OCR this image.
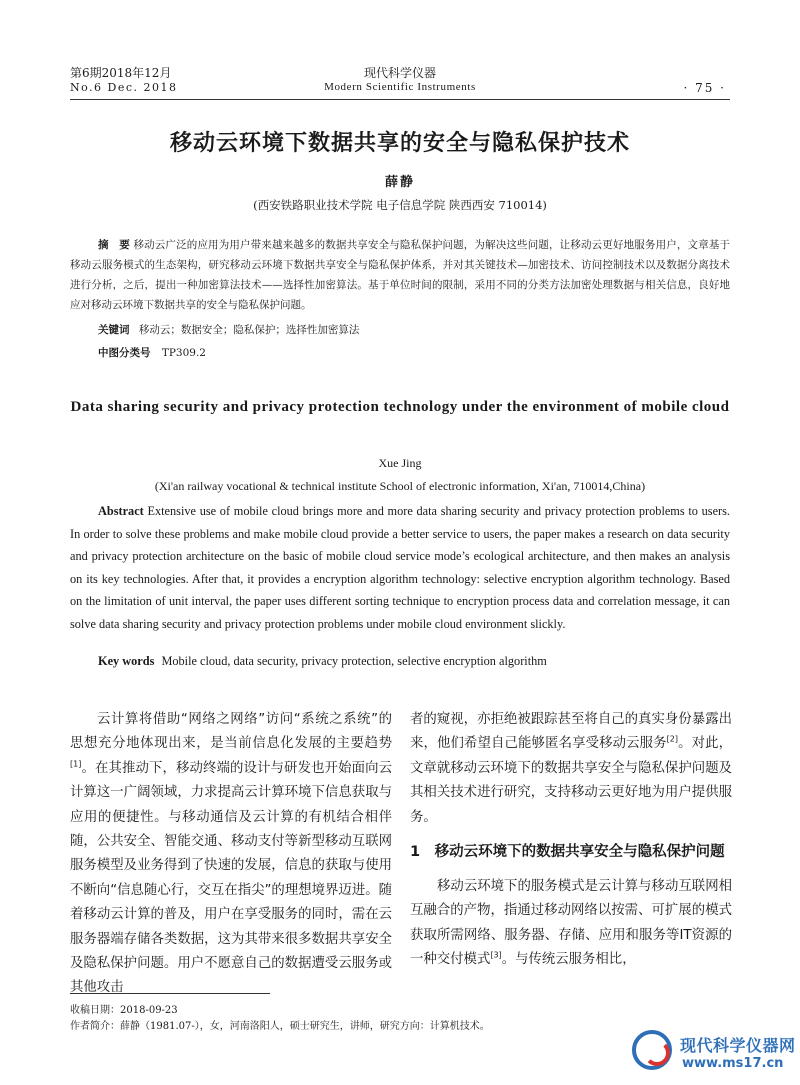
第6期2018年12月
No.6 Dec. 2018
现代科学仪器
Modern Scientific Instruments	· 75 ·
移动云环境下数据共享的安全与隐私保护技术
薛静
(西安铁路职业技术学院 电子信息学院 陕西西安 710014)
摘　要 移动云广泛的应用为用户带来越来越多的数据共享安全与隐私保护问题，为解决这些问题，让移动云更好地服务用户，文章基于移动云服务模式的生态架构，研究移动云环境下数据共享安全与隐私保护体系，并对其关键技术—加密技术、访问控制技术以及数据分离技术进行分析，之后，提出一种加密算法技术——选择性加密算法。基于单位时间的限制，采用不同的分类方法加密处理数据与相关信息，良好地应对移动云环境下数据共享的安全与隐私保护问题。
关键词 移动云；数据安全；隐私保护；选择性加密算法
中图分类号 TP309.2
Data sharing security and privacy protection technology under the environment of mobile cloud
Xue Jing
(Xi'an railway vocational & technical institute School of electronic information, Xi'an, 710014,China)
Abstract Extensive use of mobile cloud brings more and more data sharing security and privacy protection problems to users. In order to solve these problems and make mobile cloud provide a better service to users, the paper makes a research on data security and privacy protection architecture on the basic of mobile cloud service mode’s ecological architecture, and then makes an analysis on its key technologies. After that, it provides a encryption algorithm technology: selective encryption algorithm technology. Based on the limitation of unit interval, the paper uses different sorting technique to encryption process data and correlation message, it can solve data sharing security and privacy protection problems under mobile cloud environment slickly.
Key words Mobile cloud, data security, privacy protection, selective encryption algorithm

云计算将借助“网络之网络”访问“系统之系统”的思想充分地体现出来，是当前信息化发展的主要趋势[1]。在其推动下，移动终端的设计与研发也开始面向云计算这一广阔领域，力求提高云计算环境下信息获取与应用的便捷性。与移动通信及云计算的有机结合相伴随，公共安全、智能交通、移动支付等新型移动互联网服务模型及业务得到了快速的发展，信息的获取与使用不断向“信息随心行，交互在指尖”的理想境界迈进。随着移动云计算的普及，用户在享受服务的同时，需在云服务器端存储各类数据，这为其带来很多数据共享安全及隐私保护问题。用户不愿意自己的数据遭受云服务或其他攻击

者的窥视，亦拒绝被跟踪甚至将自己的真实身份暴露出来，他们希望自己能够匿名享受移动云服务[2]。对此，文章就移动云环境下的数据共享安全与隐私保护问题及其相关技术进行研究，支持移动云更好地为用户提供服务。

1　移动云环境下的数据共享安全与隐私保护问题

移动云环境下的服务模式是云计算与移动互联网相互融合的产物，指通过移动网络以按需、可扩展的模式获取所需网络、服务器、存储、应用和服务等IT资源的一种交付模式[3]。与传统云服务相比，

收稿日期：2018-09-23
作者简介：薛静（1981.07-），女，河南洛阳人，硕士研究生，讲师，研究方向：计算机技术。
现代科学仪器网
www.ms17.cn
